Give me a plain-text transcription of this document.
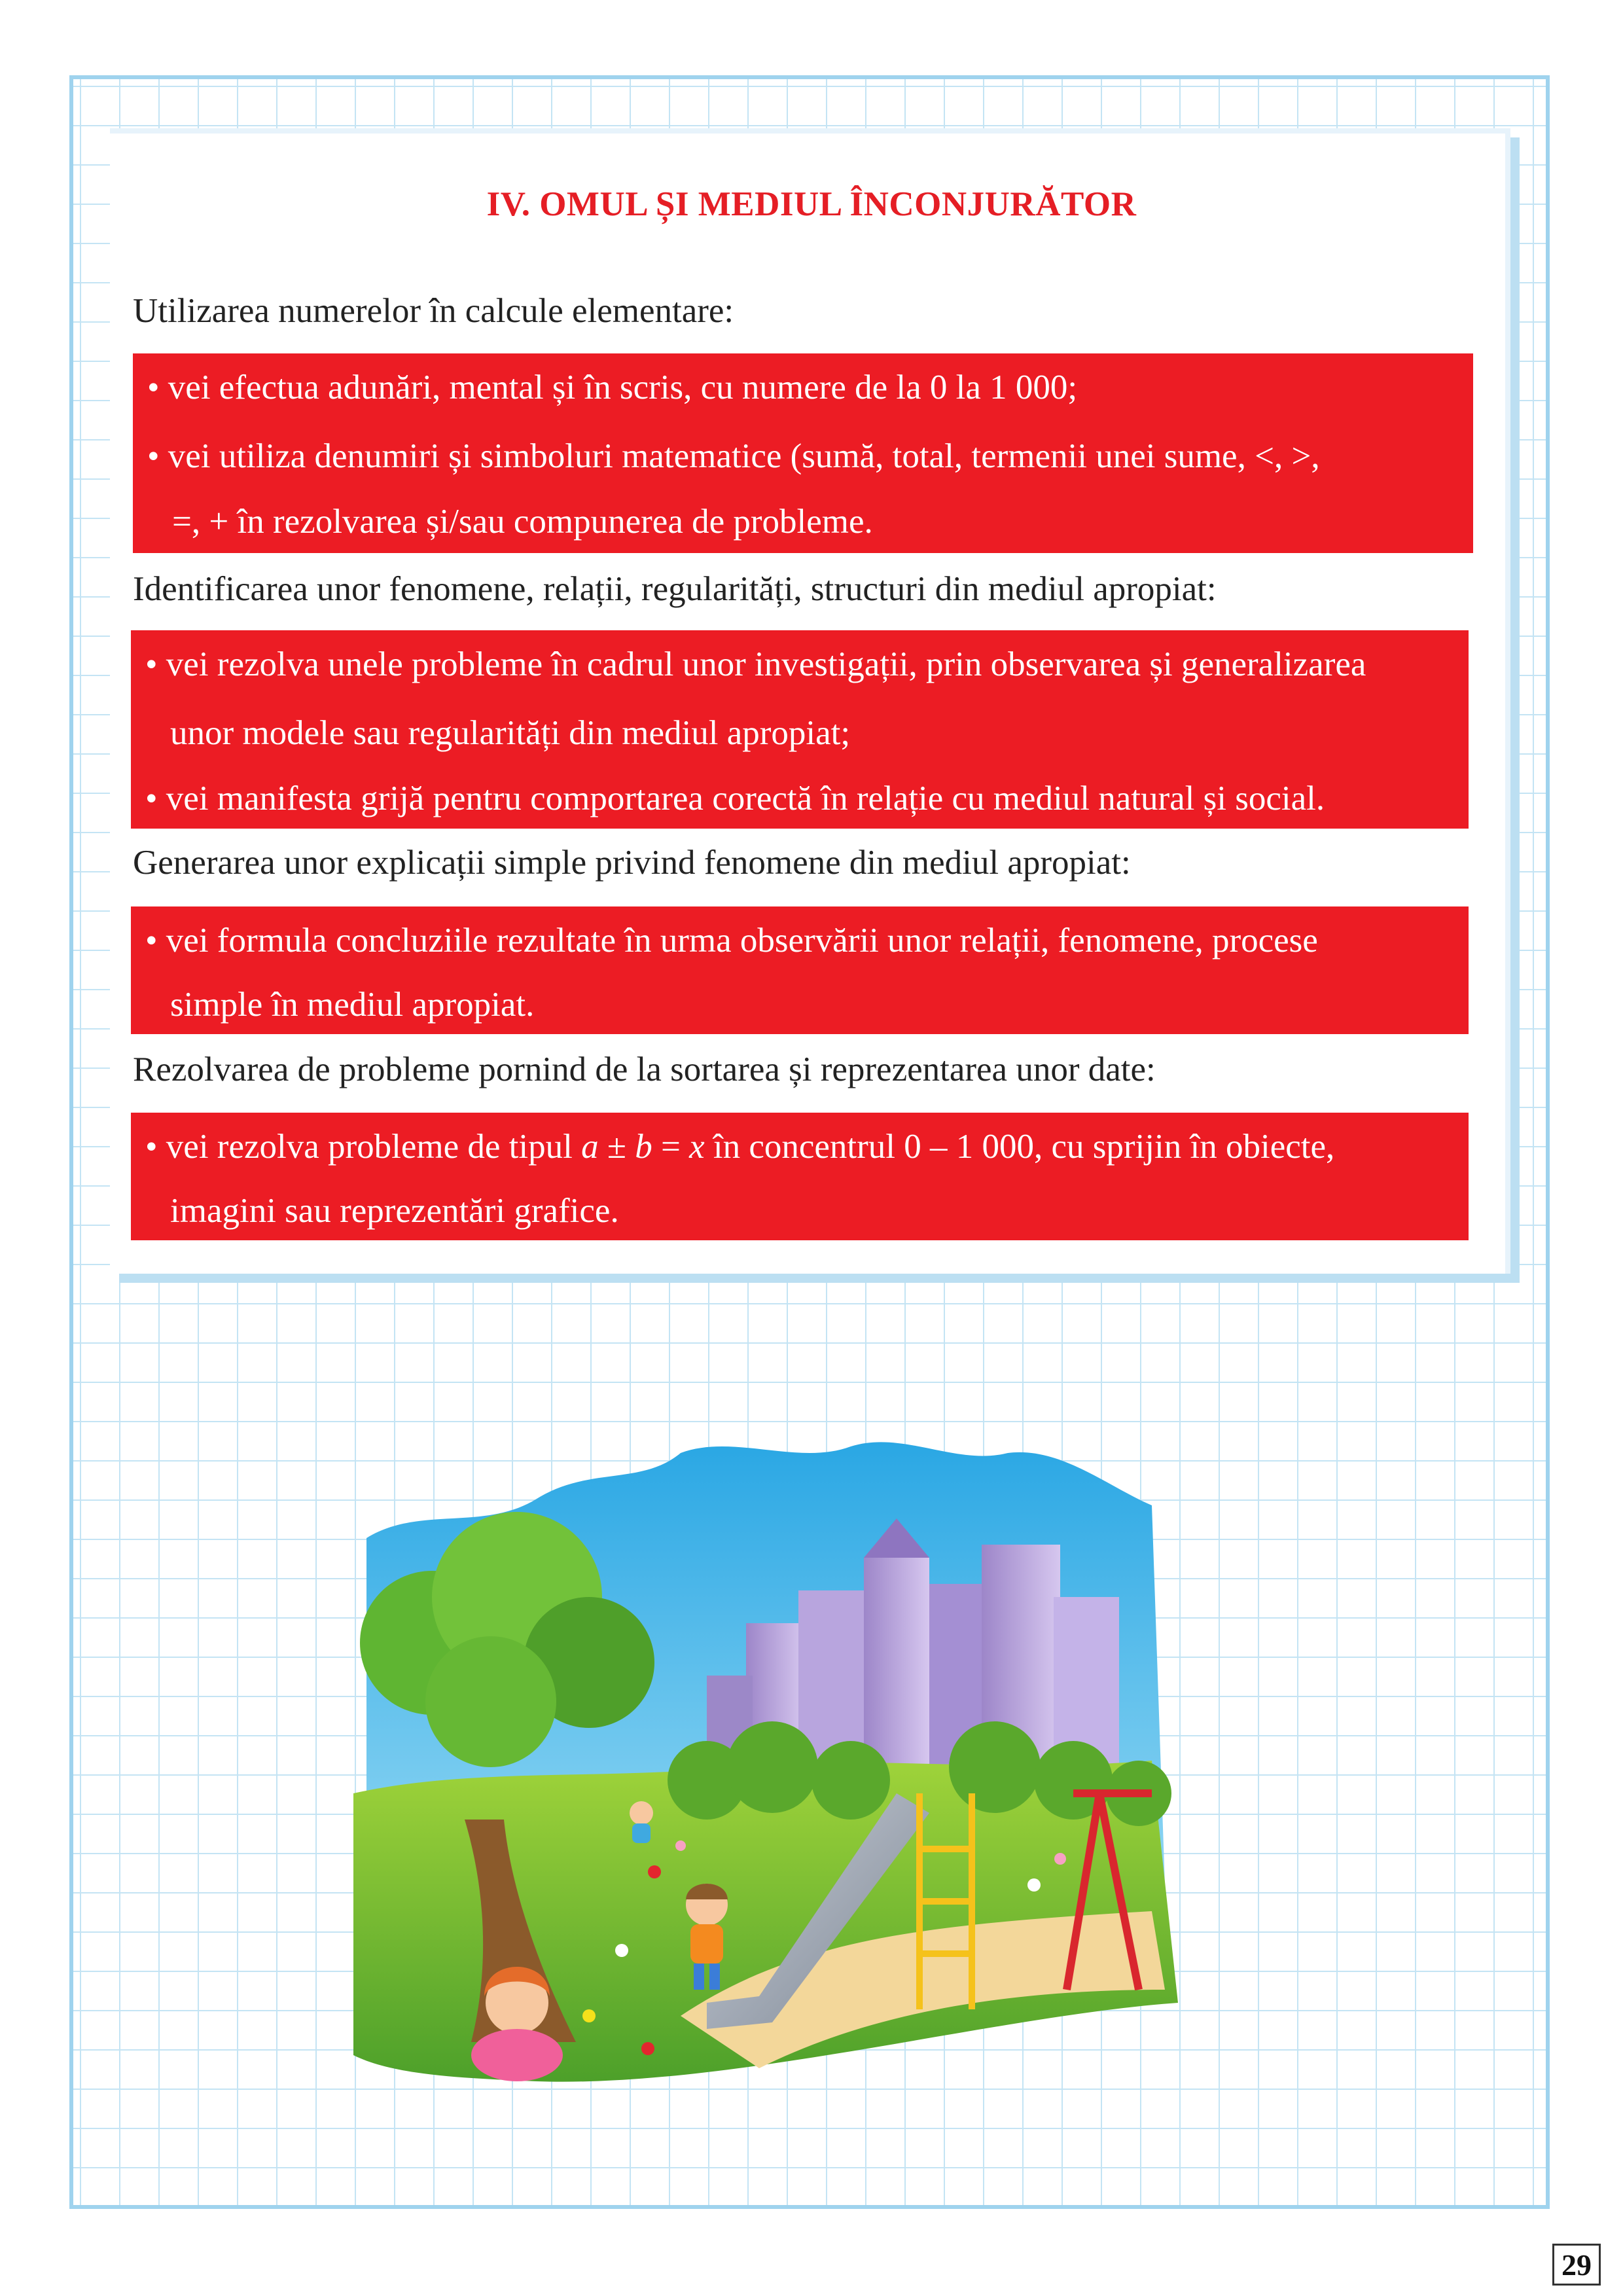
IV. OMUL ȘI MEDIUL ÎNCONJURĂTOR
Utilizarea numerelor în calcule elementare:
• vei efectua adunări, mental și în scris, cu numere de la 0 la 1 000;
• vei utiliza denumiri și simboluri matematice (sumă, total, termenii unei sume, <, >,
=, + în rezolvarea și/sau compunerea de probleme.
Identificarea unor fenomene, relații, regularități, structuri din mediul apropiat:
• vei rezolva unele probleme în cadrul unor investigații, prin observarea și generalizarea
unor modele sau regularități din mediul apropiat;
• vei manifesta grijă pentru comportarea corectă în relație cu mediul natural și social.
Generarea unor explicații simple privind fenomene din mediul apropiat:
• vei formula concluziile rezultate în urma observării unor relații, fenomene, procese
simple în mediul apropiat.
Rezolvarea de probleme pornind de la sortarea și reprezentarea unor date:
• vei rezolva probleme de tipul a ± b = x în concentrul 0 – 1 000, cu sprijin în obiecte,
imagini sau reprezentări grafice.
29
